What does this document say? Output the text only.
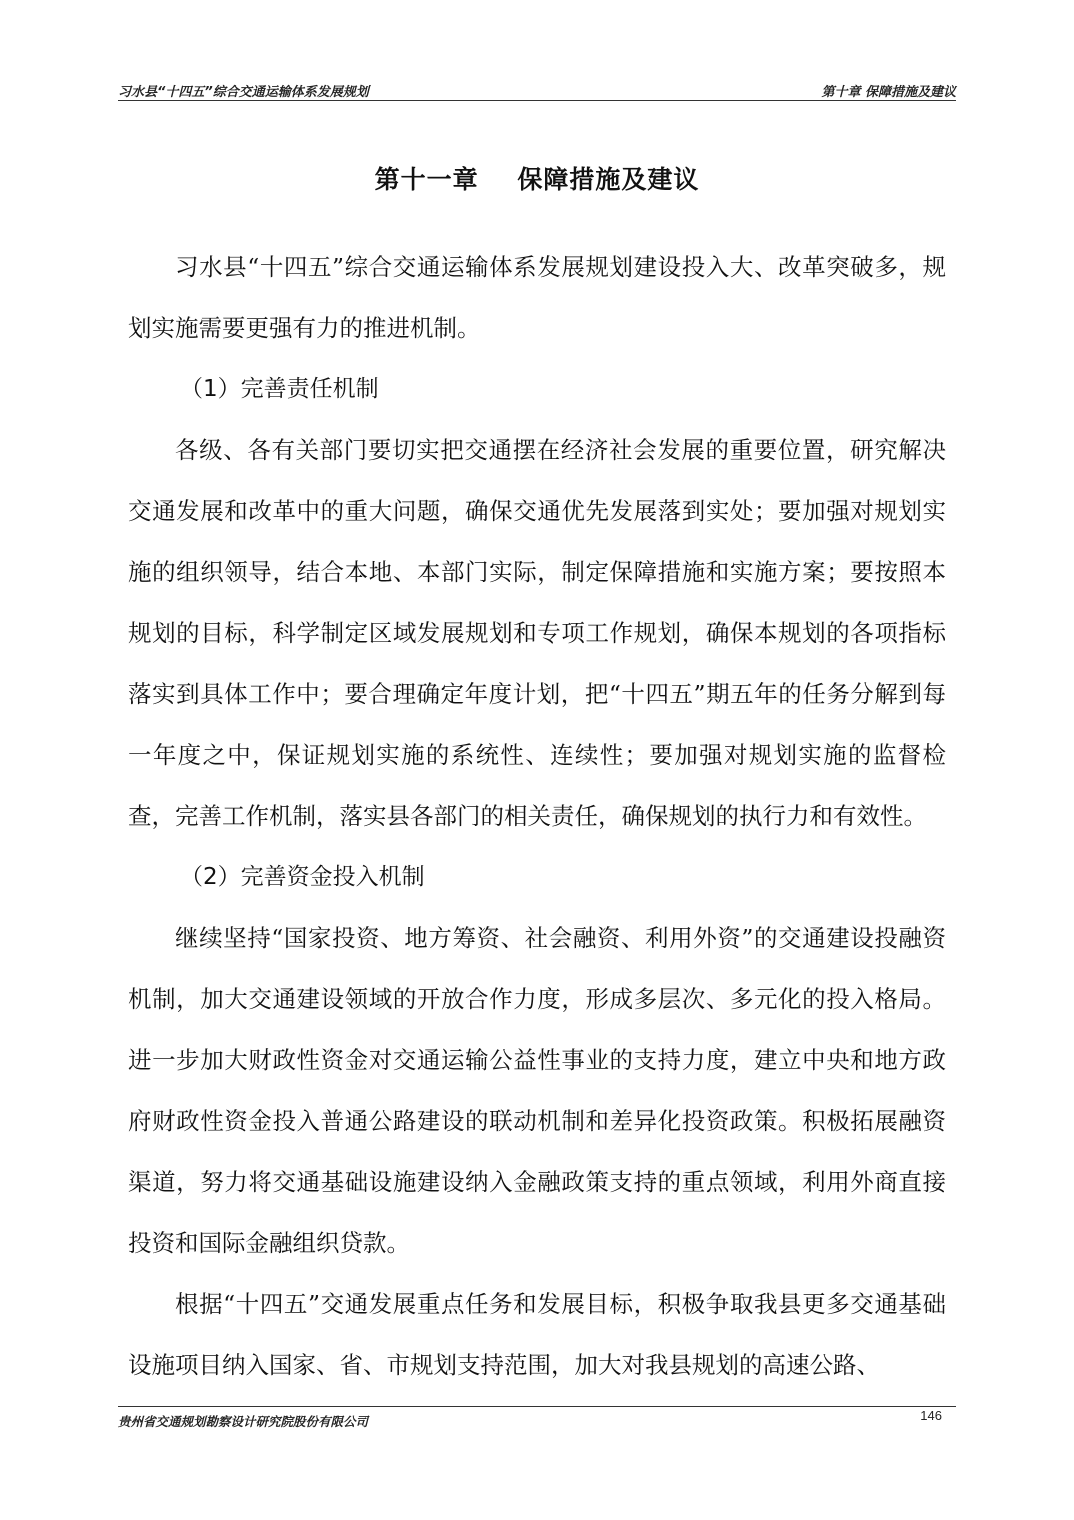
习水县“十四五”综合交通运输体系发展规划	第十章 保障措施及建议
第十一章    保障措施及建议

习水县“十四五”综合交通运输体系发展规划建设投入大、改革突破多，规划实施需要更强有力的推进机制。

（1）完善责任机制

各级、各有关部门要切实把交通摆在经济社会发展的重要位置，研究解决交通发展和改革中的重大问题，确保交通优先发展落到实处；要加强对规划实施的组织领导，结合本地、本部门实际，制定保障措施和实施方案；要按照本规划的目标，科学制定区域发展规划和专项工作规划，确保本规划的各项指标落实到具体工作中；要合理确定年度计划，把“十四五”期五年的任务分解到每一年度之中，保证规划实施的系统性、连续性；要加强对规划实施的监督检查，完善工作机制，落实县各部门的相关责任，确保规划的执行力和有效性。

（2）完善资金投入机制

继续坚持“国家投资、地方筹资、社会融资、利用外资”的交通建设投融资机制，加大交通建设领域的开放合作力度，形成多层次、多元化的投入格局。进一步加大财政性资金对交通运输公益性事业的支持力度，建立中央和地方政府财政性资金投入普通公路建设的联动机制和差异化投资政策。积极拓展融资渠道，努力将交通基础设施建设纳入金融政策支持的重点领域，利用外商直接投资和国际金融组织贷款。

根据“十四五”交通发展重点任务和发展目标，积极争取我县更多交通基础设施项目纳入国家、省、市规划支持范围，加大对我县规划的高速公路、

贵州省交通规划勘察设计研究院股份有限公司	146
